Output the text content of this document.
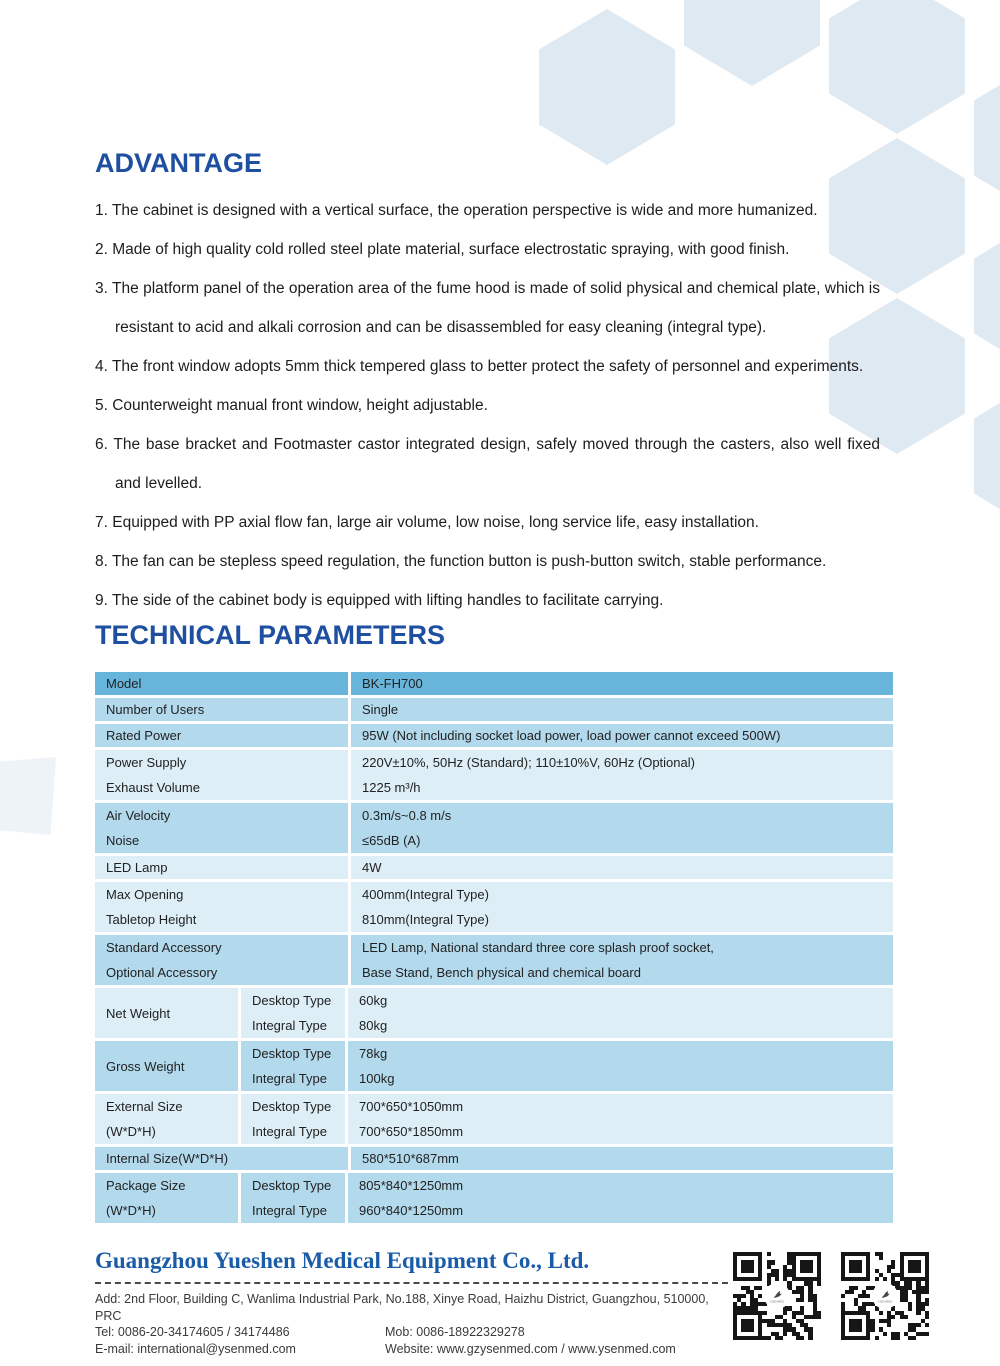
ADVANTAGE
1. The cabinet is designed with a vertical surface, the operation perspective is wide and more humanized.
2. Made of high quality cold rolled steel plate material, surface electrostatic spraying, with good finish.
3. The platform panel of the operation area of the fume hood is made of solid physical and chemical plate, which is resistant to acid and alkali corrosion and can be disassembled for easy cleaning (integral type).
4. The front window adopts 5mm thick tempered glass to better protect the safety of personnel and experiments.
5. Counterweight manual front window, height adjustable.
6. The base bracket and Footmaster castor integrated design, safely moved through the casters, also well fixed and levelled.
7. Equipped with PP axial flow fan, large air volume, low noise, long service life, easy installation.
8. The fan can be stepless speed regulation, the function button is push-button switch, stable performance.
9. The side of the cabinet body is equipped with lifting handles to facilitate carrying.
TECHNICAL PARAMETERS
Model	BK-FH700
Number of Users	Single
Rated Power	95W (Not including socket load power, load power cannot exceed 500W)
Power Supply	220V±10%, 50Hz (Standard); 110±10%V, 60Hz (Optional)
Exhaust Volume	1225 m³/h
Air Velocity	0.3m/s~0.8 m/s
Noise	≤65dB (A)
LED Lamp	4W
Max Opening	400mm(Integral Type)
Tabletop Height	810mm(Integral Type)
Standard Accessory	LED Lamp, National standard three core splash proof socket,
Optional Accessory	Base Stand, Bench physical and chemical board
Net Weight
Desktop Type	60kg
Integral Type	80kg
Gross Weight
Desktop Type	78kg
Integral Type	100kg
External Size	Desktop Type	700*650*1050mm
(W*D*H)	Integral Type	700*650*1850mm
Internal Size(W*D*H)	580*510*687mm
Package Size	Desktop Type	805*840*1250mm
(W*D*H)	Integral Type	960*840*1250mm
Guangzhou Yueshen Medical Equipment Co., Ltd.
Add: 2nd Floor, Building C, Wanlima Industrial Park, No.188, Xinye Road, Haizhu District, Guangzhou, 510000, PRC
Tel: 0086-20-34174605 / 34174486	Mob: 0086-18922329278
E-mail: international@ysenmed.com	Website: www.gzysenmed.com / www.ysenmed.com
YSENMED	YSENMED
